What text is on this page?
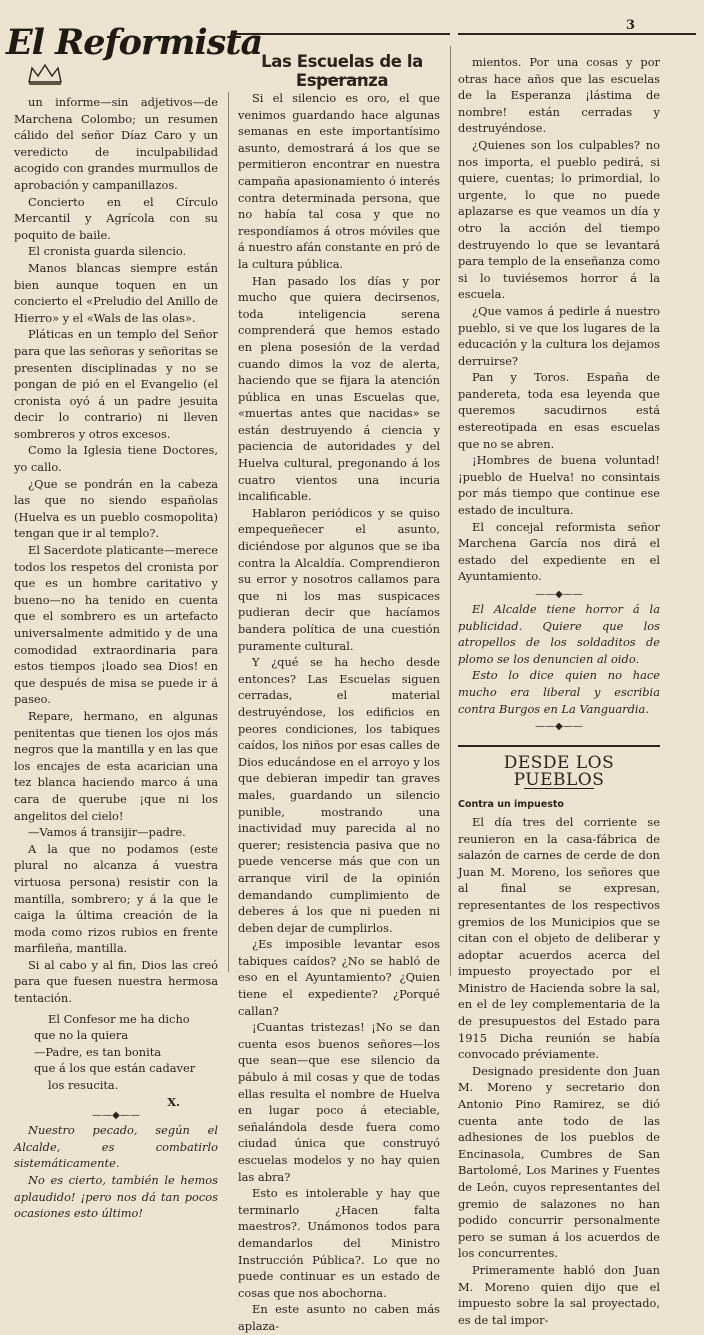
El Reformista	3

un informe—sin adjetivos—de Marchena Colombo; un resumen cálido del señor Díaz Caro y un veredicto de inculpabilidad acogido con grandes murmullos de aprobación y campanillazos.

Concierto en el Círculo Mercantil y Agrícola con su poquito de baile.

El cronista guarda silencio.

Manos blancas siempre están bien aunque toquen en un concierto el «Preludio del Anillo de Hierro» y el «Wals de las olas».

Pláticas en un templo del Señor para que las señoras y señoritas se presenten disciplinadas y no se pongan de pió en el Evangelio (el cronista oyó á un padre jesuita decir lo contrario) ni lleven sombreros y otros excesos.

Como la Iglesia tiene Doctores, yo callo.

¿Que se pondrán en la cabeza las que no siendo españolas (Huelva es un pueblo cosmopolita) tengan que ir al templo?.

El Sacerdote platicante—merece todos los respetos del cronista por que es un hombre caritativo y bueno—no ha tenido en cuenta que el sombrero es un artefacto universalmente admitido y de una comodidad extraordinaria para estos tiempos ¡loado sea Dios! en que después de misa se puede ir á paseo.

Repare, hermano, en algunas penitentas que tienen los ojos más negros que la mantilla y en las que los encajes de esta acarician una tez blanca haciendo marco á una cara de querube ¡que ni los angelitos del cielo!

—Vamos á transijir—padre.

A la que no podamos (este plural no alcanza á vuestra virtuosa persona) resistir con la mantilla, sombrero; y á la que le caiga la última creación de la moda como rizos rubios en frente marfileña, mantilla.

Si al cabo y al fin, Dios las creó para que fuesen nuestra hermosa tentación.

El Confesor me ha dicho

que no la quiera

—Padre, es tan bonita

que á los que están cadaver

los resucita.

X.

——◆——

Nuestro pecado, según el Alcalde, es combatirlo sistemáticamente.

No es cierto, también le hemos aplaudido! ¡pero nos dá tan pocos ocasiones esto último!

Las Escuelas de la Esperanza

Si el silencio es oro, el que venimos guardando hace algunas semanas en este importantísimo asunto, demostrará á los que se permitieron encontrar en nuestra campaña apasionamiento ó interés contra determinada persona, que no había tal cosa y que no respondíamos á otros móviles que á nuestro afán constante en pró de la cultura pública.

Han pasado los días y por mucho que quiera decirsenos, toda inteligencia serena comprenderá que hemos estado en plena posesión de la verdad cuando dimos la voz de alerta, haciendo que se fijara la atención pública en unas Escuelas que, «muertas antes que nacidas» se están destruyendo á ciencia y paciencia de autoridades y del Huelva cultural, pregonando á los cuatro vientos una incuria incalificable.

Hablaron periódicos y se quiso empequeñecer el asunto, diciéndose por algunos que se iba contra la Alcaldía. Comprendieron su error y nosotros callamos para que ni los mas suspicaces pudieran decir que hacíamos bandera política de una cuestión puramente cultural.

Y ¿qué se ha hecho desde entonces? Las Escuelas siguen cerradas, el material destruyéndose, los edificios en peores condiciones, los tabiques caídos, los niños por esas calles de Dios educándose en el arroyo y los que debieran impedir tan graves males, guardando un silencio punible, mostrando una inactividad muy parecida al no querer; resistencia pasiva que no puede vencerse más que con un arranque viril de la opinión demandando cumplimiento de deberes á los que ni pueden ni deben dejar de cumplirlos.

¿Es imposible levantar esos tabiques caídos? ¿No se habló de eso en el Ayuntamiento? ¿Quien tiene el expediente? ¿Porqué callan?

¡Cuantas tristezas! ¡No se dan cuenta esos buenos señores—los que sean—que ese silencio da pábulo á mil cosas y que de todas ellas resulta el nombre de Huelva en lugar poco á eteciable, señalándola desde fuera como ciudad única que construyó escuelas modelos y no hay quien las abra?

Esto es intolerable y hay que terminarlo ¿Hacen falta maestros?. Unámonos todos para demandarlos del Ministro Instrucción Pública?. Lo que no puede continuar es un estado de cosas que nos abochorna.

En este asunto no caben más aplaza-

mientos. Por una cosas y por otras hace años que las escuelas de la Esperanza ¡lástima de nombre! están cerradas y destruyéndose.

¿Quienes son los culpables? no nos importa, el pueblo pedirá, si quiere, cuentas; lo primordial, lo urgente, lo que no puede aplazarse es que veamos un día y otro la acción del tiempo destruyendo lo que se levantará para templo de la enseñanza como si lo tuviésemos horror á la escuela.

¿Que vamos á pedirle á nuestro pueblo, si ve que los lugares de la educación y la cultura los dejamos derruirse?

Pan y Toros. España de pandereta, toda esa leyenda que queremos sacudirnos está estereotipada en esas escuelas que no se abren.

¡Hombres de buena voluntad! ¡pueblo de Huelva! no consintais por más tiempo que continue ese estado de incultura.

El concejal reformista señor Marchena García nos dirá el estado del expediente en el Ayuntamiento.

——◆——

El Alcalde tiene horror á la publicidad. Quiere que los atropellos de los soldaditos de plomo se los denuncien al oido.

Esto lo dice quien no hace mucho era liberal y escribia contra Burgos en La Vanguardia.

——◆——

DESDE LOS PUEBLOS

Contra un impuesto

El día tres del corriente se reunieron en la casa-fábrica de salazón de carnes de cerde de don Juan M. Moreno, los señores que al final se expresan, representantes de los respectivos gremios de los Municipios que se citan con el objeto de deliberar y adoptar acuerdos acerca del impuesto proyectado por el Ministro de Hacienda sobre la sal, en el de ley complementaria de la de presupuestos del Estado para 1915 Dicha reunión se había convocado préviamente.

Designado presidente don Juan M. Moreno y secretario don Antonio Pino Ramirez, se dió cuenta ante todo de las adhesiones de los pueblos de Encinasola, Cumbres de San Bartolomé, Los Marines y Fuentes de León, cuyos representantes del gremio de salazones no han podido concurrir personalmente pero se suman á los acuerdos de los concurrentes.

Primeramente habló don Juan M. Moreno quien dijo que el impuesto sobre la sal proyectado, es de tal impor-
